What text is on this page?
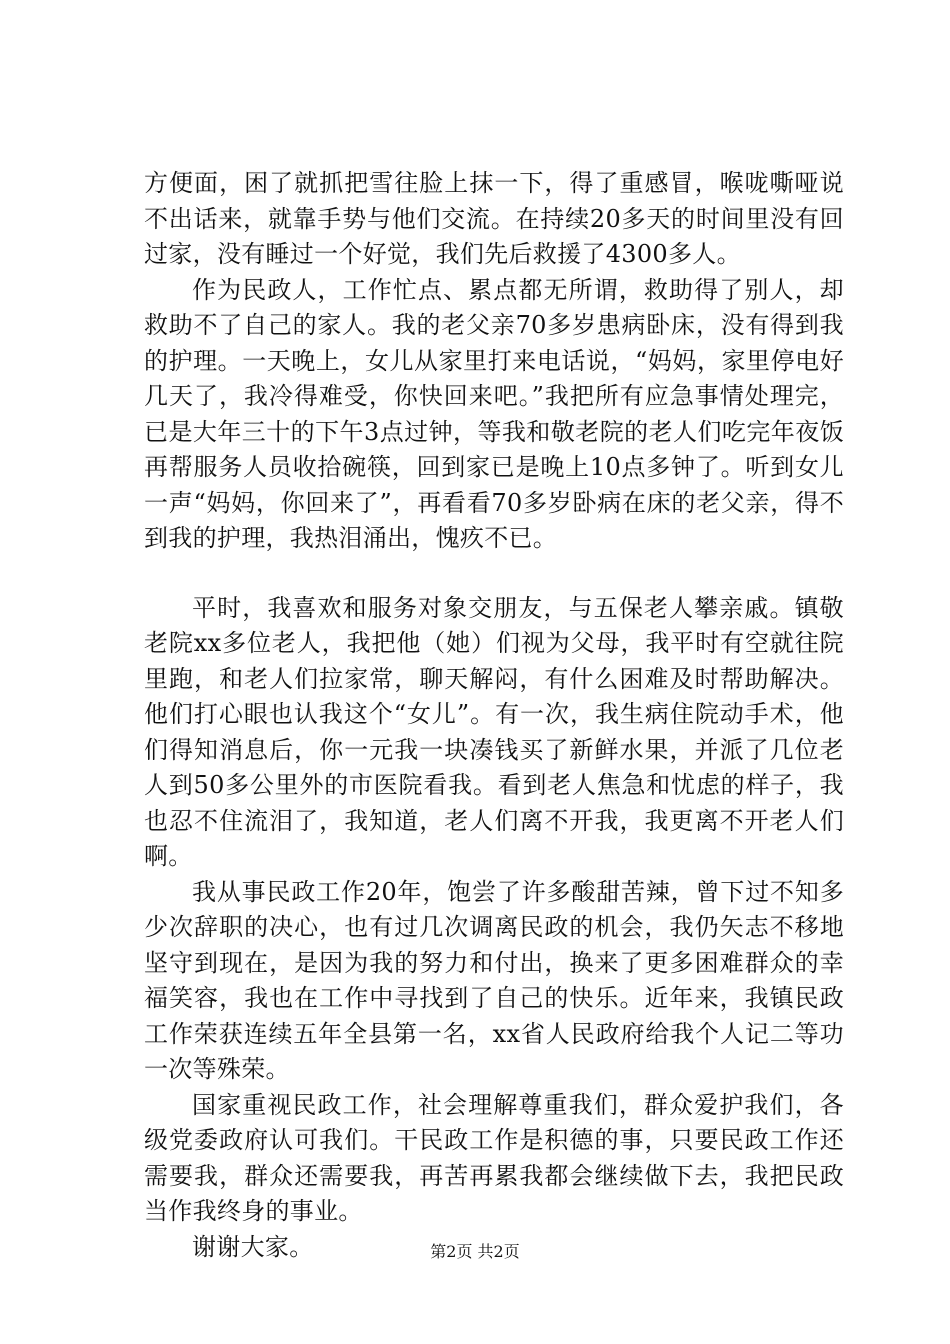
方便面，困了就抓把雪往脸上抹一下，得了重感冒，喉咙嘶哑说不出话来，就靠手势与他们交流。在持续20多天的时间里没有回过家，没有睡过一个好觉，我们先后救援了4300多人。

作为民政人，工作忙点、累点都无所谓，救助得了别人，却救助不了自己的家人。我的老父亲70多岁患病卧床，没有得到我的护理。一天晚上，女儿从家里打来电话说，“妈妈，家里停电好几天了，我冷得难受，你快回来吧。”我把所有应急事情处理完，已是大年三十的下午3点过钟，等我和敬老院的老人们吃完年夜饭再帮服务人员收拾碗筷，回到家已是晚上10点多钟了。听到女儿一声“妈妈，你回来了”，再看看70多岁卧病在床的老父亲，得不到我的护理，我热泪涌出，愧疚不已。

平时，我喜欢和服务对象交朋友，与五保老人攀亲戚。镇敬老院xx多位老人，我把他（她）们视为父母，我平时有空就往院里跑，和老人们拉家常，聊天解闷，有什么困难及时帮助解决。他们打心眼也认我这个“女儿”。有一次，我生病住院动手术，他们得知消息后，你一元我一块凑钱买了新鲜水果，并派了几位老人到50多公里外的市医院看我。看到老人焦急和忧虑的样子，我也忍不住流泪了，我知道，老人们离不开我，我更离不开老人们啊。

我从事民政工作20年，饱尝了许多酸甜苦辣，曾下过不知多少次辞职的决心，也有过几次调离民政的机会，我仍矢志不移地坚守到现在，是因为我的努力和付出，换来了更多困难群众的幸福笑容，我也在工作中寻找到了自己的快乐。近年来，我镇民政工作荣获连续五年全县第一名，xx省人民政府给我个人记二等功一次等殊荣。

国家重视民政工作，社会理解尊重我们，群众爱护我们，各级党委政府认可我们。干民政工作是积德的事，只要民政工作还需要我，群众还需要我，再苦再累我都会继续做下去，我把民政当作我终身的事业。

谢谢大家。	第2页 共2页
